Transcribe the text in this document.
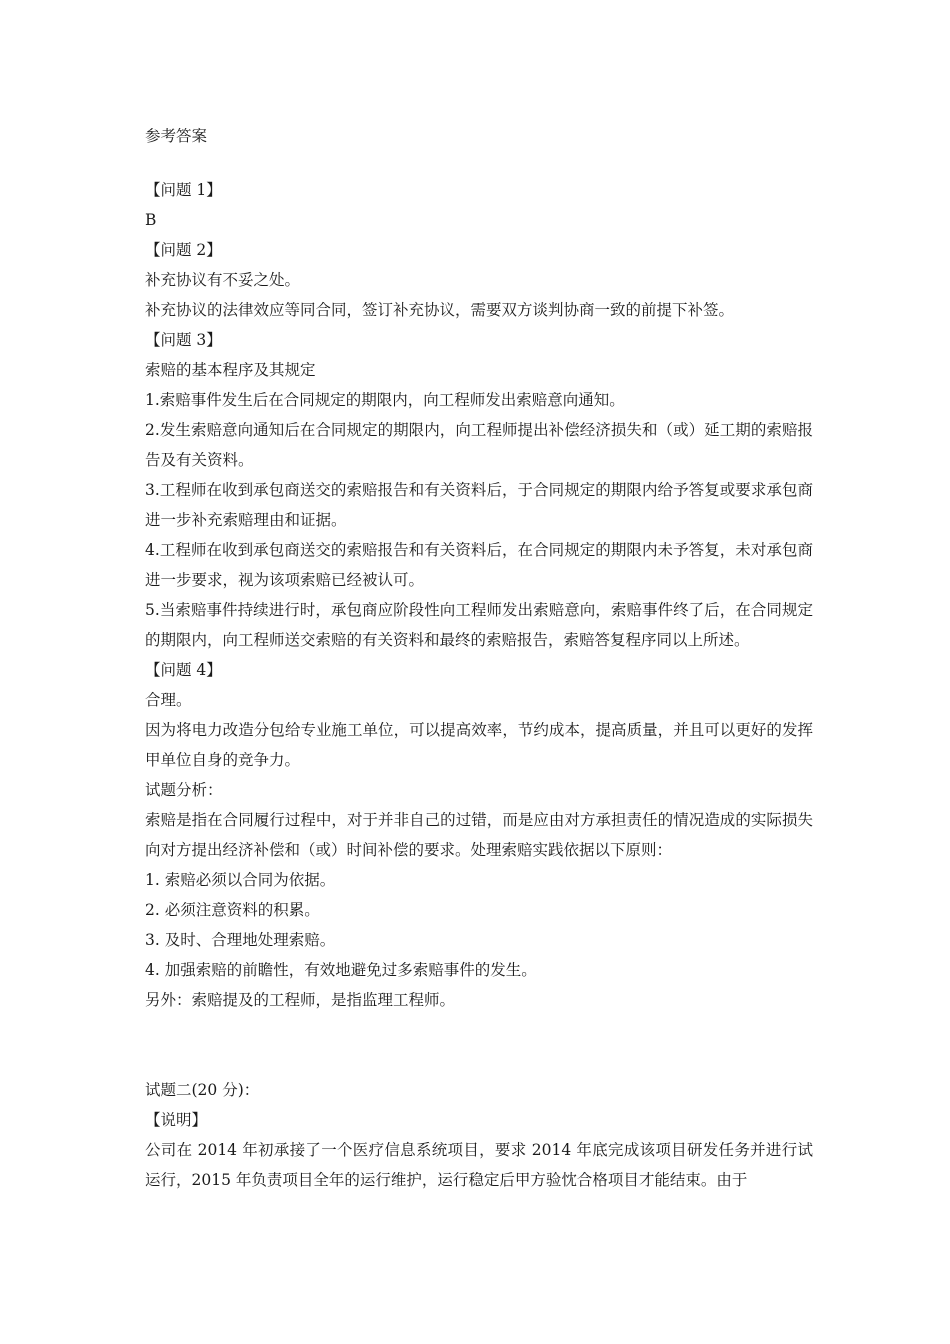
参考答案

【问题 1】

B

【问题 2】

补充协议有不妥之处。

补充协议的法律效应等同合同，签订补充协议，需要双方谈判协商一致的前提下补签。

【问题 3】

索赔的基本程序及其规定

1.索赔事件发生后在合同规定的期限内，向工程师发出索赔意向通知。

2.发生索赔意向通知后在合同规定的期限内，向工程师提出补偿经济损失和（或）延工期的索赔报告及有关资料。

3.工程师在收到承包商送交的索赔报告和有关资料后，于合同规定的期限内给予答复或要求承包商进一步补充索赔理由和证据。

4.工程师在收到承包商送交的索赔报告和有关资料后，在合同规定的期限内未予答复，未对承包商进一步要求，视为该项索赔已经被认可。

5.当索赔事件持续进行时，承包商应阶段性向工程师发出索赔意向，索赔事件终了后，在合同规定的期限内，向工程师送交索赔的有关资料和最终的索赔报告，索赔答复程序同以上所述。

【问题 4】

合理。

因为将电力改造分包给专业施工单位，可以提高效率，节约成本，提高质量，并且可以更好的发挥甲单位自身的竞争力。

试题分析：

索赔是指在合同履行过程中，对于并非自己的过错，而是应由对方承担责任的情况造成的实际损失向对方提出经济补偿和（或）时间补偿的要求。处理索赔实践依据以下原则：

1. 索赔必须以合同为依据。

2. 必须注意资料的积累。

3. 及时、合理地处理索赔。

4. 加强索赔的前瞻性，有效地避免过多索赔事件的发生。

另外：索赔提及的工程师，是指监理工程师。

试题二(20 分)：

【说明】

公司在 2014 年初承接了一个医疗信息系统项目，要求 2014 年底完成该项目研发任务并进行试运行，2015 年负责项目全年的运行维护，运行稳定后甲方验忱合格项目才能结束。由于
